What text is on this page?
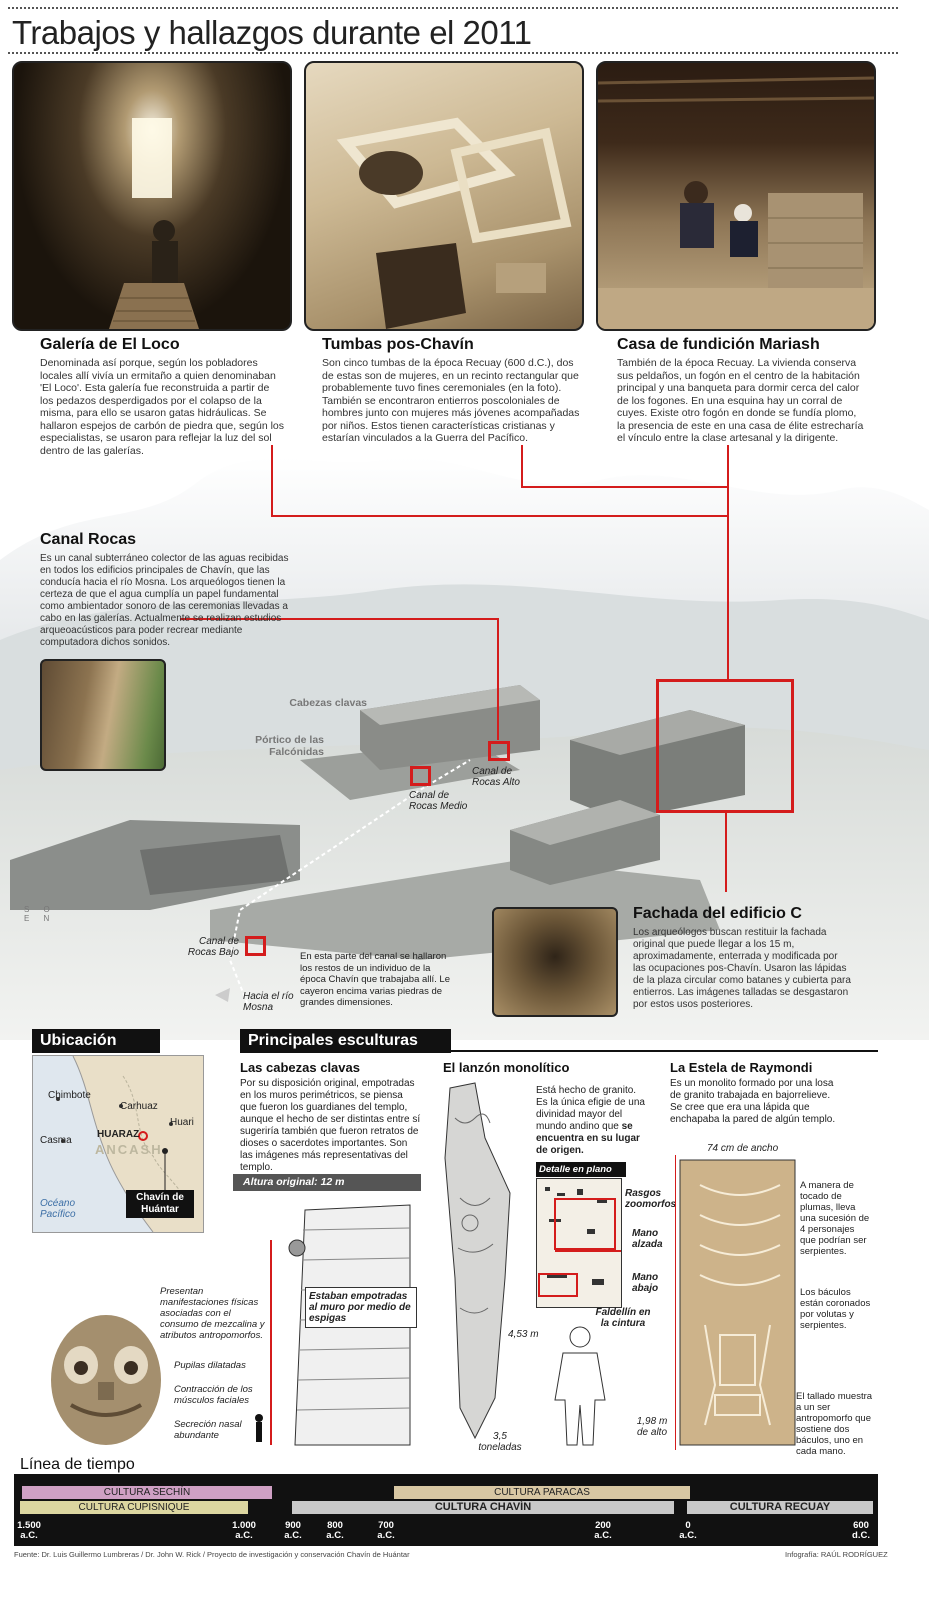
Trabajos y hallazgos durante el 2011
Galería de El Loco
Denominada así porque, según los pobladores locales allí vivía un ermitaño a quien denominaban 'El Loco'. Esta galería fue reconstruida a partir de los pedazos desperdigados por el colapso de la misma, para ello se usaron gatas hidráulicas. Se hallaron espejos de carbón de piedra que, según los especialistas, se usaron para reflejar la luz del sol dentro de las galerías.
Tumbas pos-Chavín
Son cinco tumbas de la época Recuay (600 d.C.), dos de estas son de mujeres, en un recinto rectangular que probablemente tuvo fines ceremoniales (en la foto). También se encontraron entierros poscoloniales de hombres junto con mujeres más jóvenes acompañadas por niños. Estos tienen características cristianas y estarían vinculados a la Guerra del Pacífico.
Casa de fundición Mariash
También de la época Recuay. La vivienda conserva sus peldaños, un fogón en el centro de la habitación principal y una banqueta para dormir cerca del calor de los fogones. En una esquina hay un corral de cuyes. Existe otro fogón en donde se fundía plomo, la presencia de este en una casa de élite estrecharía el vínculo entre la clase artesanal y la dirigente.
Canal Rocas
Es un canal subterráneo colector de las aguas recibidas en todos los edificios principales de Chavín, que las conducía hacia el río Mosna. Los arqueólogos tienen la certeza de que el agua cumplía un papel fundamental como ambientador sonoro de las ceremonias llevadas a cabo en las galerías. Actualmente se realizan estudios arqueoacústicos para poder recrear mediante computadora dichos sonidos.
Cabezas clavas
Pórtico de las Falcónidas
Canal de Rocas Alto
Canal de Rocas Medio
Canal de Rocas Bajo
Hacia el río Mosna
En esta parte del canal se hallaron los restos de un individuo de la época Chavín que trabajaba allí. Le cayeron encima varias piedras de grandes dimensiones.
S O E N	Fachada del edificio C
Los arqueólogos buscan restituir la fachada original que puede llegar a los 15 m, aproximadamente, enterrada y modificada por las ocupaciones pos-Chavín. Usaron las lápidas de la plaza circular como batanes y cubierta para entierros. Las imágenes talladas se desgastaron por estos usos posteriores.
Ubicación
Chimbote
Carhuaz
Huari
Casma
HUARAZ
ANCASH
Océano Pacífico
Chavín de Huántar
Principales esculturas
Las cabezas clavas
Por su disposición original, empotradas en los muros perimétricos, se piensa que fueron los guardianes del templo, aunque el hecho de ser distintas entre sí sugeriría también que fueron retratos de dioses o sacerdotes importantes. Son las imágenes más representativas del templo.
Altura original: 12 m
Estaban empotradas al muro por medio de espigas
Presentan manifestaciones físicas asociadas con el consumo de mezcalina y atributos antropomorfos.
Pupilas dilatadas
Contracción de los músculos faciales
Secreción nasal abundante
El lanzón monolítico
Está hecho de granito. Es la única efigie de una divinidad mayor del mundo andino que se encuentra en su lugar de origen.
Detalle en plano
Rasgos zoomorfos
Mano alzada
Mano abajo
Faldellín en la cintura
4,53 m
3,5 toneladas
La Estela de Raymondi
Es un monolito formado por una losa de granito trabajada en bajorrelieve. Se cree que era una lápida que enchapaba la pared de algún templo.
74 cm de ancho
A manera de tocado de plumas, lleva una sucesión de 4 personajes que podrían ser serpientes.
Los báculos están coronados por volutas y serpientes.
El tallado muestra a un ser antropomorfo que sostiene dos báculos, uno en cada mano.
1,98 m de alto
Línea de tiempo
CULTURA SECHÍN	CULTURA PARACAS
CULTURA CUPISNIQUE	CULTURA CHAVÍN	CULTURA RECUAY
1.500
a.C.
1.000
a.C.
900
a.C.
800
a.C.
700
a.C.
200
a.C.
0
a.C.
600
d.C.
Fuente: Dr. Luis Guillermo Lumbreras / Dr. John W. Rick / Proyecto de investigación y conservación Chavín de Huántar	Infografía: RAÚL RODRÍGUEZ
